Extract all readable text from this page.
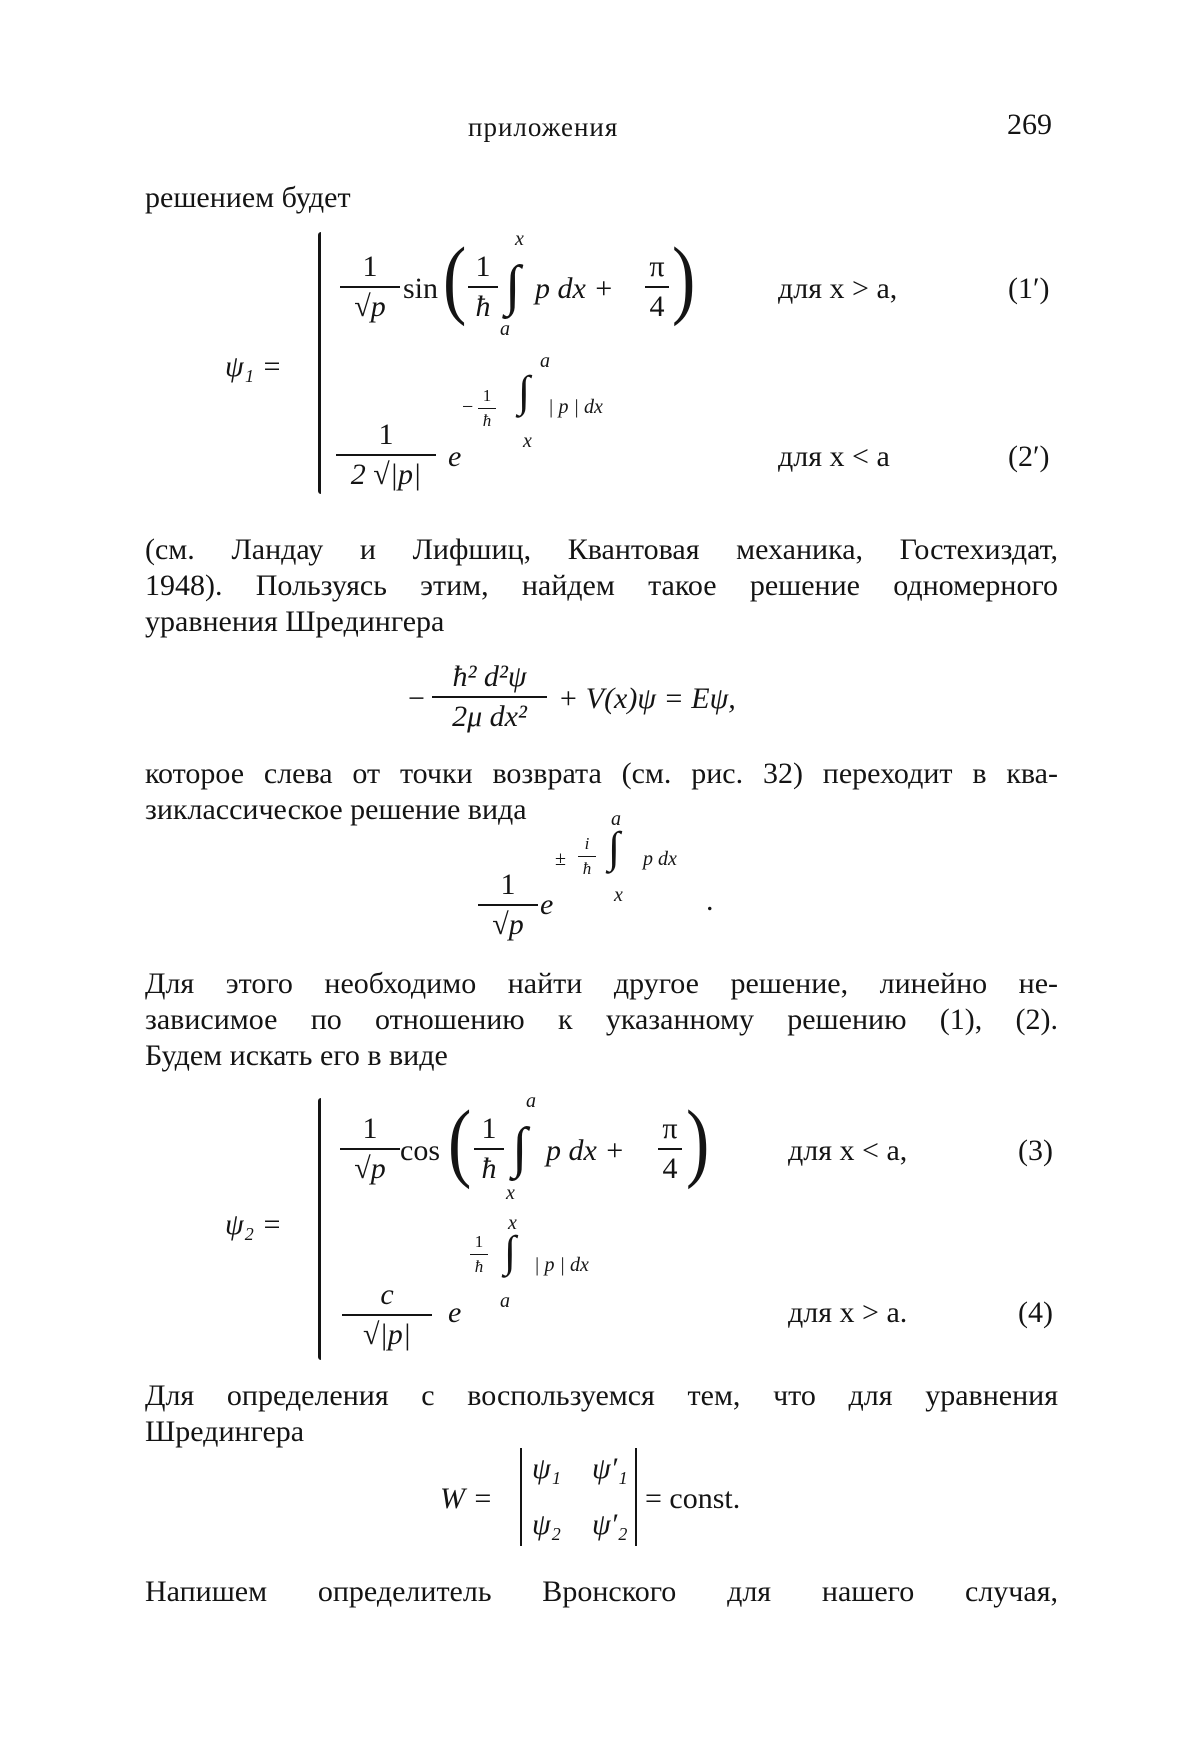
приложения	269
решением будет
ψ₁ =
1
√p
sin ( 1
ħ
x
∫
a
p dx +
π
4 )	для x > a,	(1′)
a
−
1
ħ
∫
x
| p | dx
1
2 √|p|
e	для x < a	(2′)
(см. Ландау и Лифшиц, Квантовая механика, Гостехиздат,
1948). Пользуясь этим, найдем такое решение одномерного
уравнения Шредингера
−
ħ² d²ψ
2μ dx²
+ V(x)ψ = Eψ,
которое слева от точки возврата (см. рис. 32) переходит в ква-
зиклассическое решение вида	a
±
i
ħ ∫
x
p dx
1
√p
e	.
Для этого необходимо найти другое решение, линейно не-
зависимое по отношению к указанному решению (1), (2).
Будем искать его в виде
ψ₂ =
1
√p
cos ( 1
ħ
a
∫
x
p dx +
π
4 )	для x < a,	(3)
x
1
ħ ∫
a
| p | dx
c
√|p|
e	для x > a.	(4)
Для определения c воспользуемся тем, что для уравнения
Шредингера
W =
ψ₁ ψ′₁
ψ₂ ψ′₂
= const.
Напишем определитель Вронского для нашего случая,
